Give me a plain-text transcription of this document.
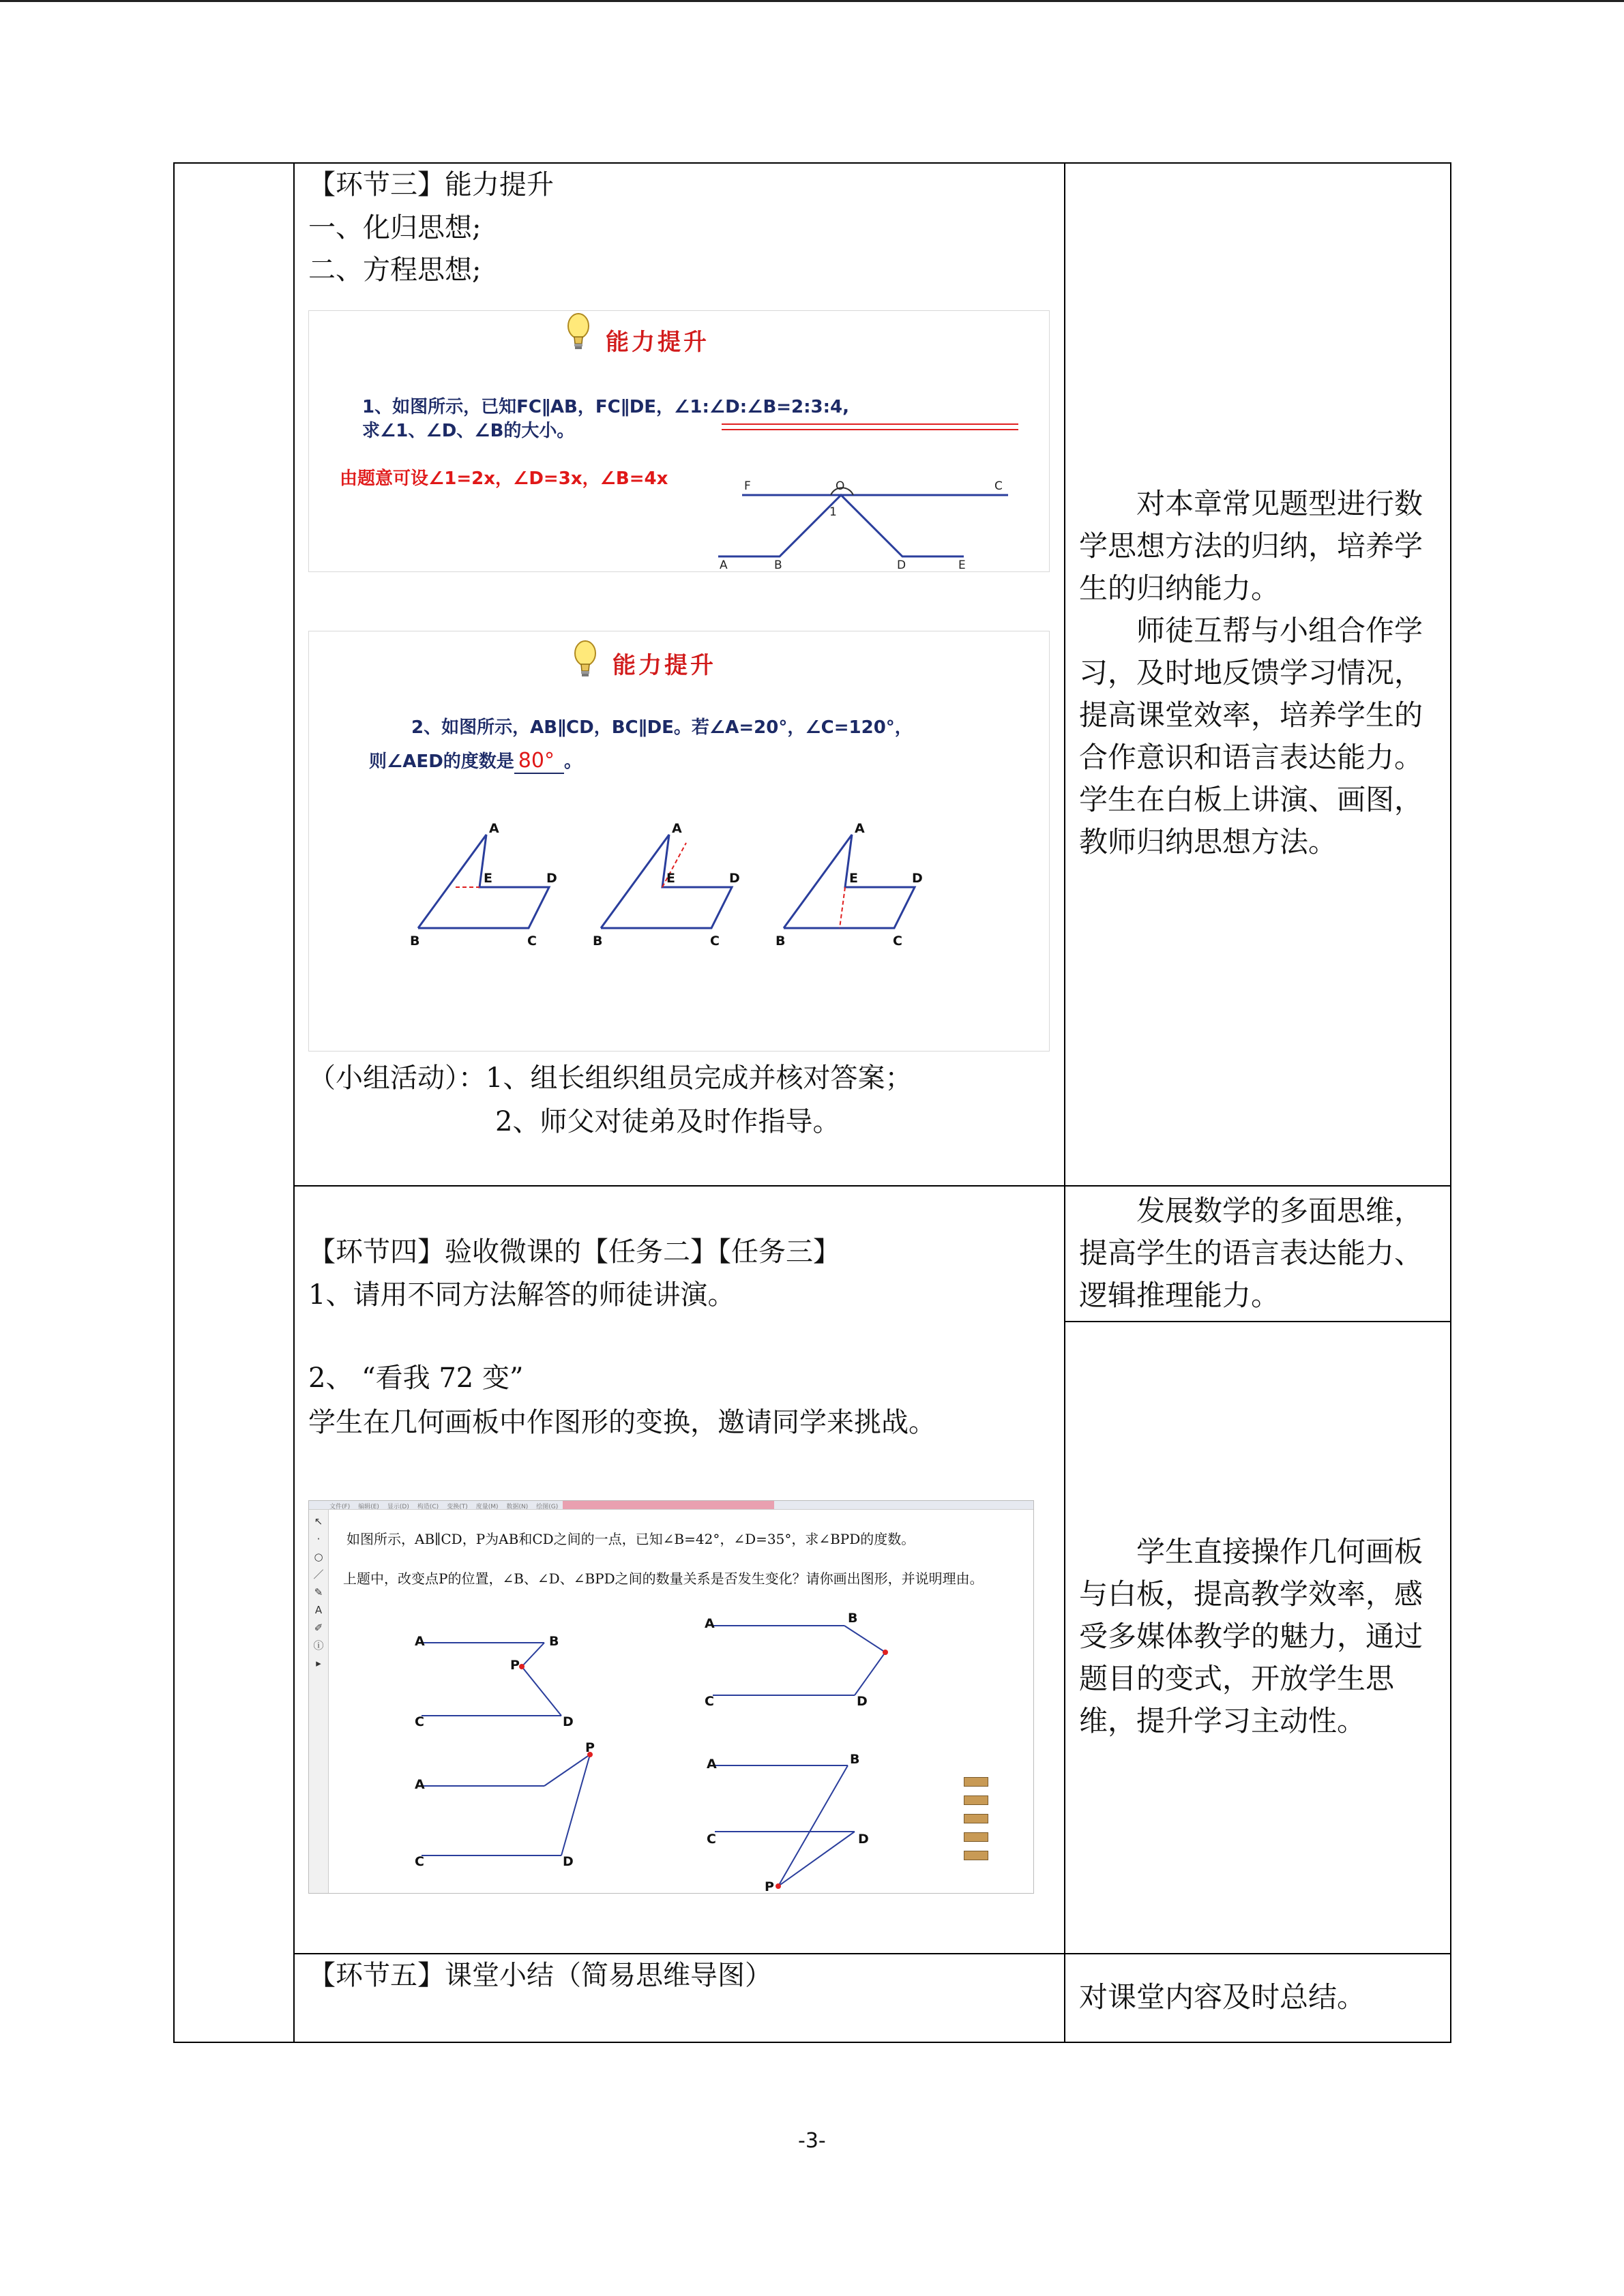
【环节三】能力提升
一、化归思想;
二、方程思想;
能力提升
1、如图所示，已知FC∥AB，FC∥DE，∠1:∠D:∠B=2:3:4,
求∠1、∠D、∠B的大小。
由题意可设∠1=2x，∠D=3x，∠B=4x	F	O	C
1
A	B	D	E
能力提升
2、如图所示，AB∥CD，BC∥DE。若∠A=20°，∠C=120°，
则∠AED的度数是 80° 。
A
E	D
B	C
A
E	D
B	C
A
E	D
B	C
（小组活动）：1、组长组织组员完成并核对答案；
2、师父对徒弟及时作指导。
对本章常见题型进行数
学思想方法的归纳，培养学
生的归纳能力。
师徒互帮与小组合作学
习，及时地反馈学习情况，
提高课堂效率，培养学生的
合作意识和语言表达能力。
学生在白板上讲演、画图，
教师归纳思想方法。
【环节四】验收微课的【任务二】【任务三】
1、请用不同方法解答的师徒讲演。
2、 “看我 72 变”
学生在几何画板中作图形的变换，邀请同学来挑战。
发展数学的多面思维，
提高学生的语言表达能力、
逻辑推理能力。
学生直接操作几何画板
与白板，提高教学效率，感
受多媒体教学的魅力，通过
题目的变式，开放学生思
维，提升学习主动性。
文件(F) 编辑(E) 显示(D) 构造(C) 变换(T) 度量(M) 数据(N) 绘图(G)
↖
·
○
／
✎
A
✐
ⓘ
▸
如图所示，AB∥CD，P为AB和CD之间的一点，已知∠B=42°，∠D=35°，求∠BPD的度数。
上题中，改变点P的位置，∠B、∠D、∠BPD之间的数量关系是否发生变化？请你画出图形，并说明理由。
A	B
C	D
P
A	B
C	D
A
C	D
P
A	B
C	D
P
【环节五】课堂小结（简易思维导图）
对课堂内容及时总结。
-3-
